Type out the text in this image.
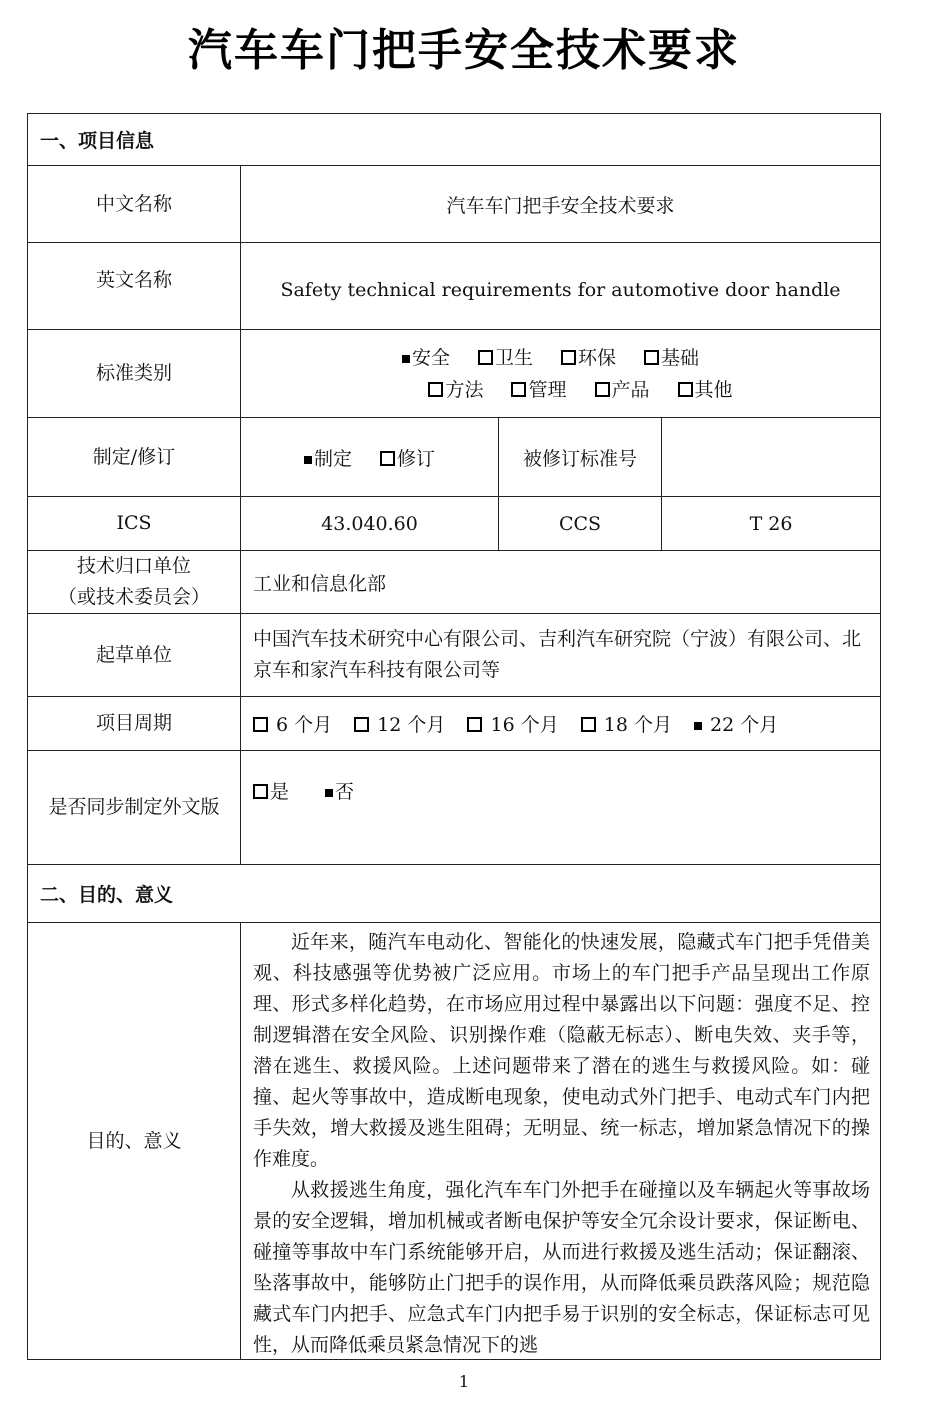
汽车车门把手安全技术要求
一、项目信息			
中文名称	汽车车门把手安全技术要求		

英文名称	Safety technical requirements for automotive door handle		

标准类别	安全 卫生 环保 基础
方法 管理 产品 其他		

制定/修订	制定 修订	被修订标准号	
ICS	43.040.60	CCS	T 26

技术归口单位
（或技术委员会）	工业和信息化部		
起草单位	中国汽车技术研究中心有限公司、吉利汽车研究院（宁波）有限公司、北京车和家汽车科技有限公司等		
项目周期	6 个月 12 个月 16 个月 18 个月 22 个月		
是否同步制定外文版	是 否		
二、目的、意义			
目的、意义	近年来，随汽车电动化、智能化的快速发展，隐藏式车门把手凭借美观、科技感强等优势被广泛应用。市场上的车门把手产品呈现出工作原理、形式多样化趋势，在市场应用过程中暴露出以下问题：强度不足、控制逻辑潜在安全风险、识别操作难（隐蔽无标志）、断电失效、夹手等，潜在逃生、救援风险。上述问题带来了潜在的逃生与救援风险。如：碰撞、起火等事故中，造成断电现象，使电动式外门把手、电动式车门内把手失效，增大救援及逃生阻碍；无明显、统一标志，增加紧急情况下的操作难度。

从救援逃生角度，强化汽车车门外把手在碰撞以及车辆起火等事故场景的安全逻辑，增加机械或者断电保护等安全冗余设计要求，保证断电、碰撞等事故中车门系统能够开启，从而进行救援及逃生活动；保证翻滚、坠落事故中，能够防止门把手的误作用，从而降低乘员跌落风险；规范隐藏式车门内把手、应急式车门内把手易于识别的安全标志，保证标志可见性，从而降低乘员紧急情况下的逃		

1
